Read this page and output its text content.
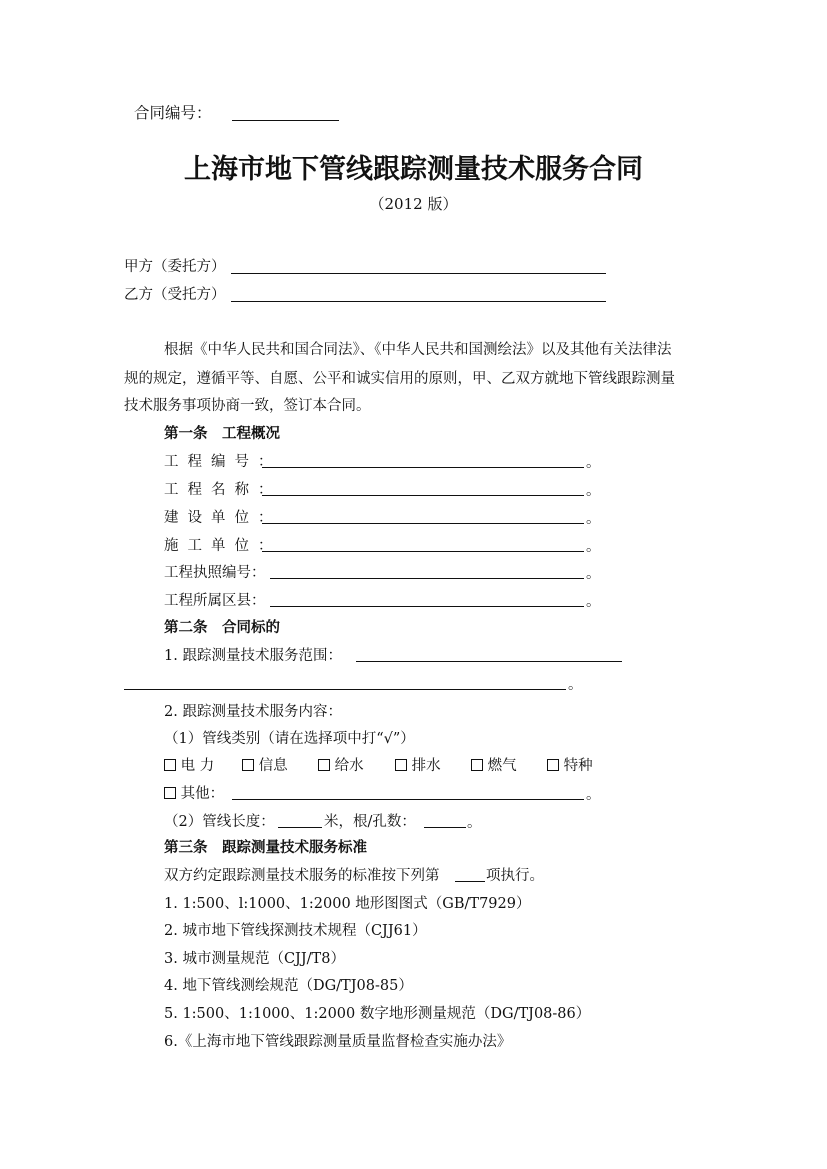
合同编号：
上海市地下管线跟踪测量技术服务合同
（2012 版）
甲方（委托方）
乙方（受托方）
根据《中华人民共和国合同法》、《中华人民共和国测绘法》以及其他有关法律法
规的规定，遵循平等、自愿、公平和诚实信用的原则，甲、乙双方就地下管线跟踪测量
技术服务事项协商一致，签订本合同。
第一条　工程概况
工程编号：	。
工程名称：	。
建设单位：	。
施工单位：	。
工程执照编号：	。
工程所属区县：	。
第二条　合同标的
1. 跟踪测量技术服务范围：
。
2. 跟踪测量技术服务内容：
（1）管线类别（请在选择项中打“√”）
电 力	信息	给水	排水	燃气	特种
其他：	。
（2）管线长度：	米，根/孔数：	。
第三条　跟踪测量技术服务标准
双方约定跟踪测量技术服务的标准按下列第	项执行。
1. 1:500、l:1000、1:2000 地形图图式（GB/T7929）
2. 城市地下管线探测技术规程（CJJ61）
3. 城市测量规范（CJJ/T8）
4. 地下管线测绘规范（DG/TJ08-85）
5. 1:500、1:1000、1:2000 数字地形测量规范（DG/TJ08-86）
6.《上海市地下管线跟踪测量质量监督检查实施办法》
